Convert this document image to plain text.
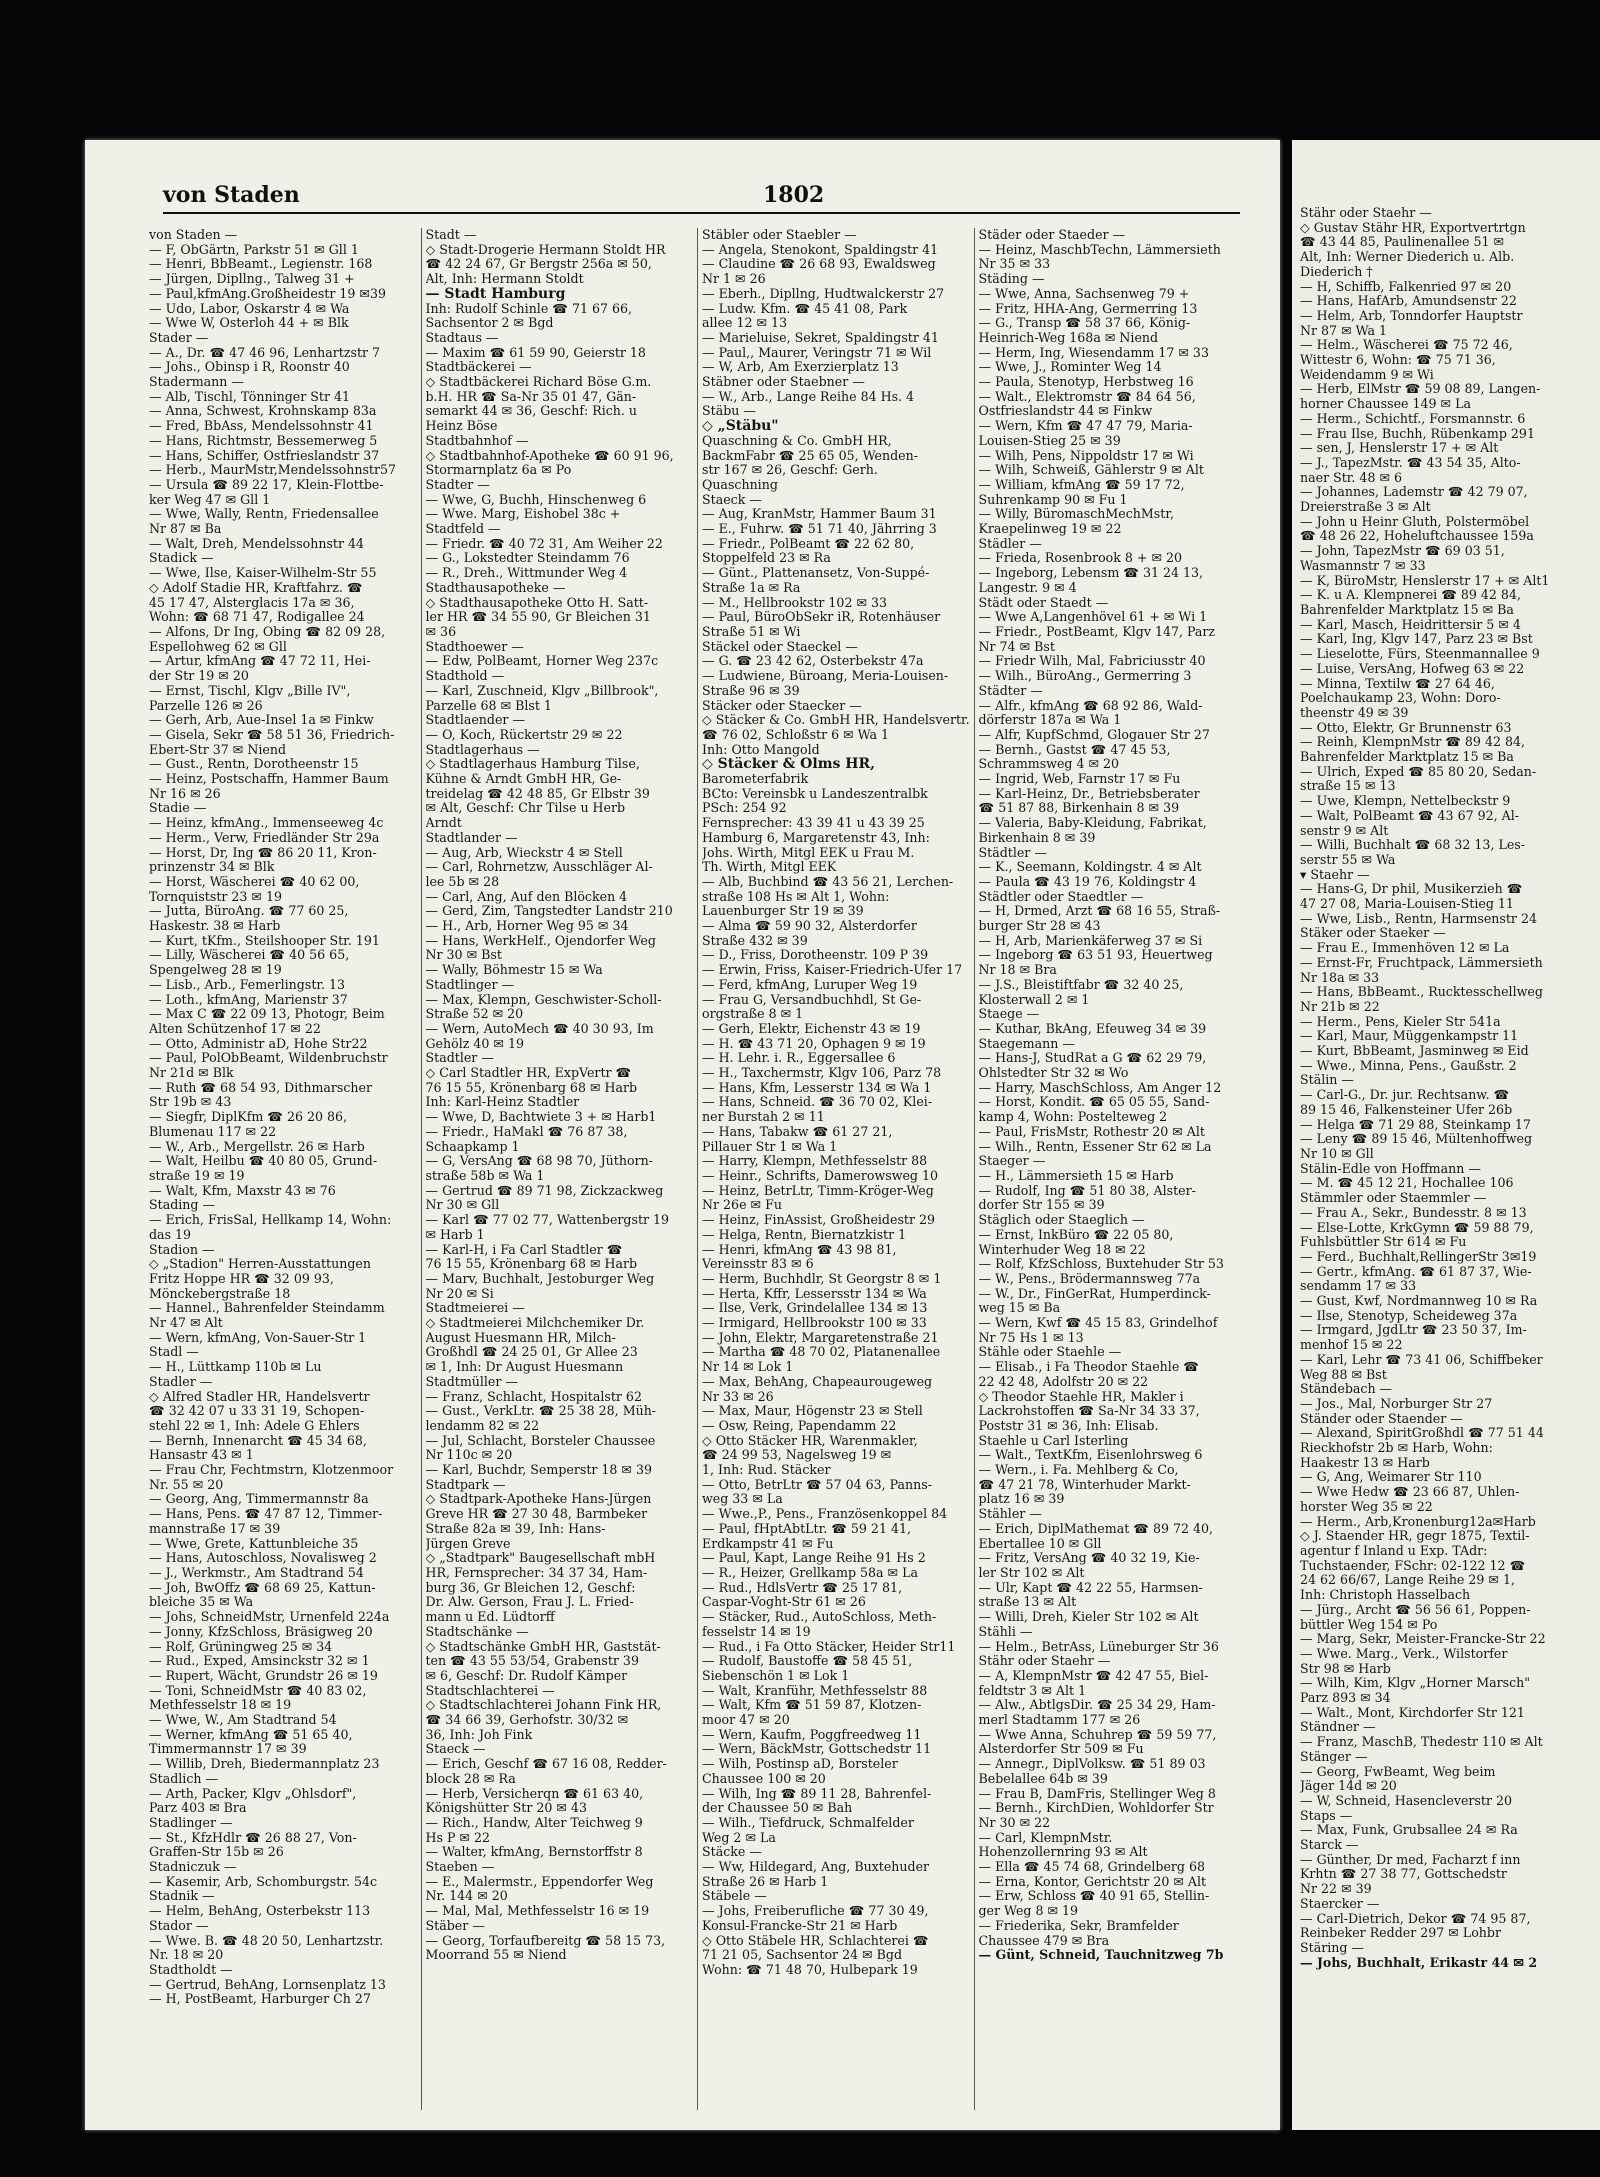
von Staden	1802
von Staden —
— F, ObGärtn, Parkstr 51 ✉ Gll 1
— Henri, BbBeamt., Legienstr. 168
— Jürgen, Dipllng., Talweg 31 +
— Paul,kfmAng.Großheidestr 19 ✉39
— Udo, Labor, Oskarstr 4 ✉ Wa
— Wwe W, Osterloh 44 + ✉ Blk
Stader —
— A., Dr. ☎ 47 46 96, Lenhartzstr 7
— Johs., Obinsp i R, Roonstr 40
Stadermann —
— Alb, Tischl, Tönninger Str 41
— Anna, Schwest, Krohnskamp 83a
— Fred, BbAss, Mendelssohnstr 41
— Hans, Richtmstr, Bessemerweg 5
— Hans, Schiffer, Ostfrieslandstr 37
— Herb., MaurMstr,Mendelssohnstr57
— Ursula ☎ 89 22 17, Klein-Flottbe-
ker Weg 47 ✉ Gll 1
— Wwe, Wally, Rentn, Friedensallee
Nr 87 ✉ Ba
— Walt, Dreh, Mendelssohnstr 44
Stadick —
— Wwe, Ilse, Kaiser-Wilhelm-Str 55
◇ Adolf Stadie HR, Kraftfahrz. ☎
45 17 47, Alsterglacis 17a ✉ 36,
Wohn: ☎ 68 71 47, Rodigallee 24
— Alfons, Dr Ing, Obing ☎ 82 09 28,
Espellohweg 62 ✉ Gll
— Artur, kfmAng ☎ 47 72 11, Hei-
der Str 19 ✉ 20
— Ernst, Tischl, Klgv „Bille IV",
Parzelle 126 ✉ 26
— Gerh, Arb, Aue-Insel 1a ✉ Finkw
— Gisela, Sekr ☎ 58 51 36, Friedrich-
Ebert-Str 37 ✉ Niend
— Gust., Rentn, Dorotheenstr 15
— Heinz, Postschaffn, Hammer Baum
Nr 16 ✉ 26
Stadie —
— Heinz, kfmAng., Immenseeweg 4c
— Herm., Verw, Friedländer Str 29a
— Horst, Dr, Ing ☎ 86 20 11, Kron-
prinzenstr 34 ✉ Blk
— Horst, Wäscherei ☎ 40 62 00,
Tornquiststr 23 ✉ 19
— Jutta, BüroAng. ☎ 77 60 25,
Haskestr. 38 ✉ Harb
— Kurt, tKfm., Steilshooper Str. 191
— Lilly, Wäscherei ☎ 40 56 65,
Spengelweg 28 ✉ 19
— Lisb., Arb., Femerlingstr. 13
— Loth., kfmAng, Marienstr 37
— Max C ☎ 22 09 13, Photogr, Beim
Alten Schützenhof 17 ✉ 22
— Otto, Administr aD, Hohe Str22
— Paul, PolObBeamt, Wildenbruchstr
Nr 21d ✉ Blk
— Ruth ☎ 68 54 93, Dithmarscher
Str 19b ✉ 43
— Siegfr, DiplKfm ☎ 26 20 86,
Blumenau 117 ✉ 22
— W., Arb., Mergellstr. 26 ✉ Harb
— Walt, Heilbu ☎ 40 80 05, Grund-
straße 19 ✉ 19
— Walt, Kfm, Maxstr 43 ✉ 76
Stading —
— Erich, FrisSal, Hellkamp 14, Wohn:
das 19
Stadion —
◇ „Stadion" Herren-Ausstattungen
Fritz Hoppe HR ☎ 32 09 93,
Mönckebergstraße 18
— Hannel., Bahrenfelder Steindamm
Nr 47 ✉ Alt
— Wern, kfmAng, Von-Sauer-Str 1
Stadl —
— H., Lüttkamp 110b ✉ Lu
Stadler —
◇ Alfred Stadler HR, Handelsvertr
☎ 32 42 07 u 33 31 19, Schopen-
stehl 22 ✉ 1, Inh: Adele G Ehlers
— Bernh, Innenarcht ☎ 45 34 68,
Hansastr 43 ✉ 1
— Frau Chr, Fechtmstrn, Klotzenmoor
Nr. 55 ✉ 20
— Georg, Ang, Timmermannstr 8a
— Hans, Pens. ☎ 47 87 12, Timmer-
mannstraße 17 ✉ 39
— Wwe, Grete, Kattunbleiche 35
— Hans, Autoschloss, Novalisweg 2
— J., Werkmstr., Am Stadtrand 54
— Joh, BwOffz ☎ 68 69 25, Kattun-
bleiche 35 ✉ Wa
— Johs, SchneidMstr, Urnenfeld 224a
— Jonny, KfzSchloss, Bräsigweg 20
— Rolf, Grüningweg 25 ✉ 34
— Rud., Exped, Amsinckstr 32 ✉ 1
— Rupert, Wächt, Grundstr 26 ✉ 19
— Toni, SchneidMstr ☎ 40 83 02,
Methfesselstr 18 ✉ 19
— Wwe, W., Am Stadtrand 54
— Werner, kfmAng ☎ 51 65 40,
Timmermannstr 17 ✉ 39
— Willib, Dreh, Biedermannplatz 23
Stadlich —
— Arth, Packer, Klgv „Ohlsdorf",
Parz 403 ✉ Bra
Stadlinger —
— St., KfzHdlr ☎ 26 88 27, Von-
Graffen-Str 15b ✉ 26
Stadniczuk —
— Kasemir, Arb, Schomburgstr. 54c
Stadnik —
— Helm, BehAng, Osterbekstr 113
Stador —
— Wwe. B. ☎ 48 20 50, Lenhartzstr.
Nr. 18 ✉ 20
Stadtholdt —
— Gertrud, BehAng, Lornsenplatz 13
— H, PostBeamt, Harburger Ch 27
Stadt —
◇ Stadt-Drogerie Hermann Stoldt HR
☎ 42 24 67, Gr Bergstr 256a ✉ 50,
Alt, Inh: Hermann Stoldt
— Stadt Hamburg
Inh: Rudolf Schinle ☎ 71 67 66,
Sachsentor 2 ✉ Bgd
Stadtaus —
— Maxim ☎ 61 59 90, Geierstr 18
Stadtbäckerei —
◇ Stadtbäckerei Richard Böse G.m.
b.H. HR ☎ Sa-Nr 35 01 47, Gän-
semarkt 44 ✉ 36, Geschf: Rich. u
Heinz Böse
Stadtbahnhof —
◇ Stadtbahnhof-Apotheke ☎ 60 91 96,
Stormarnplatz 6a ✉ Po
Stadter —
— Wwe, G, Buchh, Hinschenweg 6
— Wwe. Marg, Eishobel 38c +
Stadtfeld —
— Friedr. ☎ 40 72 31, Am Weiher 22
— G., Lokstedter Steindamm 76
— R., Dreh., Wittmunder Weg 4
Stadthausapotheke —
◇ Stadthausapotheke Otto H. Satt-
ler HR ☎ 34 55 90, Gr Bleichen 31
✉ 36
Stadthoewer —
— Edw, PolBeamt, Horner Weg 237c
Stadthold —
— Karl, Zuschneid, Klgv „Billbrook",
Parzelle 68 ✉ Blst 1
Stadtlaender —
— O, Koch, Rückertstr 29 ✉ 22
Stadtlagerhaus —
◇ Stadtlagerhaus Hamburg Tilse,
Kühne & Arndt GmbH HR, Ge-
treidelag ☎ 42 48 85, Gr Elbstr 39
✉ Alt, Geschf: Chr Tilse u Herb
Arndt
Stadtlander —
— Aug, Arb, Wieckstr 4 ✉ Stell
— Carl, Rohrnetzw, Ausschläger Al-
lee 5b ✉ 28
— Carl, Ang, Auf den Blöcken 4
— Gerd, Zim, Tangstedter Landstr 210
— H., Arb, Horner Weg 95 ✉ 34
— Hans, WerkHelf., Ojendorfer Weg
Nr 30 ✉ Bst
— Wally, Böhmestr 15 ✉ Wa
Stadtlinger —
— Max, Klempn, Geschwister-Scholl-
Straße 52 ✉ 20
— Wern, AutoMech ☎ 40 30 93, Im
Gehölz 40 ✉ 19
Stadtler —
◇ Carl Stadtler HR, ExpVertr ☎
76 15 55, Krönenbarg 68 ✉ Harb
Inh: Karl-Heinz Stadtler
— Wwe, D, Bachtwiete 3 + ✉ Harb1
— Friedr., HaMakl ☎ 76 87 38,
Schaapkamp 1
— G, VersAng ☎ 68 98 70, Jüthorn-
straße 58b ✉ Wa 1
— Gertrud ☎ 89 71 98, Zickzackweg
Nr 30 ✉ Gll
— Karl ☎ 77 02 77, Wattenbergstr 19
✉ Harb 1
— Karl-H, i Fa Carl Stadtler ☎
76 15 55, Krönenbarg 68 ✉ Harb
— Marv, Buchhalt, Jestoburger Weg
Nr 20 ✉ Si
Stadtmeierei —
◇ Stadtmeierei Milchchemiker Dr.
August Huesmann HR, Milch-
Großhdl ☎ 24 25 01, Gr Allee 23
✉ 1, Inh: Dr August Huesmann
Stadtmüller —
— Franz, Schlacht, Hospitalstr 62
— Gust., VerkLtr. ☎ 25 38 28, Müh-
lendamm 82 ✉ 22
— Jul, Schlacht, Borsteler Chaussee
Nr 110c ✉ 20
— Karl, Buchdr, Semperstr 18 ✉ 39
Stadtpark —
◇ Stadtpark-Apotheke Hans-Jürgen
Greve HR ☎ 27 30 48, Barmbeker
Straße 82a ✉ 39, Inh: Hans-
Jürgen Greve
◇ „Stadtpark" Baugesellschaft mbH
HR, Fernsprecher: 34 37 34, Ham-
burg 36, Gr Bleichen 12, Geschf:
Dr. Alw. Gerson, Frau J. L. Fried-
mann u Ed. Lüdtorff
Stadtschänke —
◇ Stadtschänke GmbH HR, Gaststät-
ten ☎ 43 55 53/54, Grabenstr 39
✉ 6, Geschf: Dr. Rudolf Kämper
Stadtschlachterei —
◇ Stadtschlachterei Johann Fink HR,
☎ 34 66 39, Gerhofstr. 30/32 ✉
36, Inh: Joh Fink
Staeck —
— Erich, Geschf ☎ 67 16 08, Redder-
block 28 ✉ Ra
— Herb, Versicherqn ☎ 61 63 40,
Königshütter Str 20 ✉ 43
— Rich., Handw, Alter Teichweg 9
Hs P ✉ 22
— Walter, kfmAng, Bernstorffstr 8
Staeben —
— E., Malermstr., Eppendorfer Weg
Nr. 144 ✉ 20
— Mal, Mal, Methfesselstr 16 ✉ 19
Stäber —
— Georg, Torfaufbereitg ☎ 58 15 73,
Moorrand 55 ✉ Niend
Stäbler oder Staebler —
— Angela, Stenokont, Spaldingstr 41
— Claudine ☎ 26 68 93, Ewaldsweg
Nr 1 ✉ 26
— Eberh., Dipllng, Hudtwalckerstr 27
— Ludw. Kfm. ☎ 45 41 08, Park
allee 12 ✉ 13
— Marieluise, Sekret, Spaldingstr 41
— Paul,, Maurer, Veringstr 71 ✉ Wil
— W, Arb, Am Exerzierplatz 13
Stäbner oder Staebner —
— W., Arb., Lange Reihe 84 Hs. 4
Stäbu —
◇ „Stäbu"
Quaschning & Co. GmbH HR,
BackmFabr ☎ 25 65 05, Wenden-
str 167 ✉ 26, Geschf: Gerh.
Quaschning
Staeck —
— Aug, KranMstr, Hammer Baum 31
— E., Fuhrw. ☎ 51 71 40, Jährring 3
— Friedr., PolBeamt ☎ 22 62 80,
Stoppelfeld 23 ✉ Ra
— Günt., Plattenansetz, Von-Suppé-
Straße 1a ✉ Ra
— M., Hellbrookstr 102 ✉ 33
— Paul, BüroObSekr iR, Rotenhäuser
Straße 51 ✉ Wi
Stäckel oder Staeckel —
— G. ☎ 23 42 62, Osterbekstr 47a
— Ludwiene, Büroang, Meria-Louisen-
Straße 96 ✉ 39
Stäcker oder Staecker —
◇ Stäcker & Co. GmbH HR, Handelsvertr.
☎ 76 02, Schloßstr 6 ✉ Wa 1
Inh: Otto Mangold
◇ Stäcker & Olms HR,
Barometerfabrik
BCto: Vereinsbk u Landeszentralbk
PSch: 254 92
Fernsprecher: 43 39 41 u 43 39 25
Hamburg 6, Margaretenstr 43, Inh:
Johs. Wirth, Mitgl EEK u Frau M.
Th. Wirth, Mitgl EEK
— Alb, Buchbind ☎ 43 56 21, Lerchen-
straße 108 Hs ✉ Alt 1, Wohn:
Lauenburger Str 19 ✉ 39
— Alma ☎ 59 90 32, Alsterdorfer
Straße 432 ✉ 39
— D., Friss, Dorotheenstr. 109 P 39
— Erwin, Friss, Kaiser-Friedrich-Ufer 17
— Ferd, kfmAng, Luruper Weg 19
— Frau G, Versandbuchhdl, St Ge-
orgstraße 8 ✉ 1
— Gerh, Elektr, Eichenstr 43 ✉ 19
— H. ☎ 43 71 20, Ophagen 9 ✉ 19
— H. Lehr. i. R., Eggersallee 6
— H., Taxchermstr, Klgv 106, Parz 78
— Hans, Kfm, Lesserstr 134 ✉ Wa 1
— Hans, Schneid. ☎ 36 70 02, Klei-
ner Burstah 2 ✉ 11
— Hans, Tabakw ☎ 61 27 21,
Pillauer Str 1 ✉ Wa 1
— Harry, Klempn, Methfesselstr 88
— Heinr., Schrifts, Damerowsweg 10
— Heinz, BetrLtr, Timm-Kröger-Weg
Nr 26e ✉ Fu
— Heinz, FinAssist, Großheidestr 29
— Helga, Rentn, Biernatzkistr 1
— Henri, kfmAng ☎ 43 98 81,
Vereinsstr 83 ✉ 6
— Herm, Buchhdlr, St Georgstr 8 ✉ 1
— Herta, Kffr, Lessersstr 134 ✉ Wa
— Ilse, Verk, Grindelallee 134 ✉ 13
— Irmigard, Hellbrookstr 100 ✉ 33
— John, Elektr, Margaretenstraße 21
— Martha ☎ 48 70 02, Platanenallee
Nr 14 ✉ Lok 1
— Max, BehAng, Chapeaurougeweg
Nr 33 ✉ 26
— Max, Maur, Högenstr 23 ✉ Stell
— Osw, Reing, Papendamm 22
◇ Otto Stäcker HR, Warenmakler,
☎ 24 99 53, Nagelsweg 19 ✉
1, Inh: Rud. Stäcker
— Otto, BetrLtr ☎ 57 04 63, Panns-
weg 33 ✉ La
— Wwe.,P., Pens., Französenkoppel 84
— Paul, fHptAbtLtr. ☎ 59 21 41,
Erdkampstr 41 ✉ Fu
— Paul, Kapt, Lange Reihe 91 Hs 2
— R., Heizer, Grellkamp 58a ✉ La
— Rud., HdlsVertr ☎ 25 17 81,
Caspar-Voght-Str 61 ✉ 26
— Stäcker, Rud., AutoSchloss, Meth-
fesselstr 14 ✉ 19
— Rud., i Fa Otto Stäcker, Heider Str11
— Rudolf, Baustoffe ☎ 58 45 51,
Siebenschön 1 ✉ Lok 1
— Walt, Kranführ, Methfesselstr 88
— Walt, Kfm ☎ 51 59 87, Klotzen-
moor 47 ✉ 20
— Wern, Kaufm, Poggfreedweg 11
— Wern, BäckMstr, Gottschedstr 11
— Wilh, Postinsp aD, Borsteler
Chaussee 100 ✉ 20
— Wilh, Ing ☎ 89 11 28, Bahrenfel-
der Chaussee 50 ✉ Bah
— Wilh., Tiefdruck, Schmalfelder
Weg 2 ✉ La
Stäcke —
— Ww, Hildegard, Ang, Buxtehuder
Straße 26 ✉ Harb 1
Stäbele —
— Johs, Freiberufliche ☎ 77 30 49,
Konsul-Francke-Str 21 ✉ Harb
◇ Otto Stäbele HR, Schlachterei ☎
71 21 05, Sachsentor 24 ✉ Bgd
Wohn: ☎ 71 48 70, Hulbepark 19
Städer oder Staeder —
— Heinz, MaschbTechn, Lämmersieth
Nr 35 ✉ 33
Städing —
— Wwe, Anna, Sachsenweg 79 +
— Fritz, HHA-Ang, Germerring 13
— G., Transp ☎ 58 37 66, König-
Heinrich-Weg 168a ✉ Niend
— Herm, Ing, Wiesendamm 17 ✉ 33
— Wwe, J., Rominter Weg 14
— Paula, Stenotyp, Herbstweg 16
— Walt., Elektromstr ☎ 84 64 56,
Ostfrieslandstr 44 ✉ Finkw
— Wern, Kfm ☎ 47 47 79, Maria-
Louisen-Stieg 25 ✉ 39
— Wilh, Pens, Nippoldstr 17 ✉ Wi
— Wilh, Schweiß, Gählerstr 9 ✉ Alt
— William, kfmAng ☎ 59 17 72,
Suhrenkamp 90 ✉ Fu 1
— Willy, BüromaschMechMstr,
Kraepelinweg 19 ✉ 22
Städler —
— Frieda, Rosenbrook 8 + ✉ 20
— Ingeborg, Lebensm ☎ 31 24 13,
Langestr. 9 ✉ 4
Städt oder Staedt —
— Wwe A,Langenhövel 61 + ✉ Wi 1
— Friedr., PostBeamt, Klgv 147, Parz
Nr 74 ✉ Bst
— Friedr Wilh, Mal, Fabriciusstr 40
— Wilh., BüroAng., Germerring 3
Städter —
— Alfr., kfmAng ☎ 68 92 86, Wald-
dörferstr 187a ✉ Wa 1
— Alfr, KupfSchmd, Glogauer Str 27
— Bernh., Gastst ☎ 47 45 53,
Schrammsweg 4 ✉ 20
— Ingrid, Web, Farnstr 17 ✉ Fu
— Karl-Heinz, Dr., Betriebsberater
☎ 51 87 88, Birkenhain 8 ✉ 39
— Valeria, Baby-Kleidung, Fabrikat,
Birkenhain 8 ✉ 39
Städtler —
— K., Seemann, Koldingstr. 4 ✉ Alt
— Paula ☎ 43 19 76, Koldingstr 4
Städtler oder Staedtler —
— H, Drmed, Arzt ☎ 68 16 55, Straß-
burger Str 28 ✉ 43
— H, Arb, Marienkäferweg 37 ✉ Si
— Ingeborg ☎ 63 51 93, Heuertweg
Nr 18 ✉ Bra
— J.S., Bleistiftfabr ☎ 32 40 25,
Klosterwall 2 ✉ 1
Staege —
— Kuthar, BkAng, Efeuweg 34 ✉ 39
Staegemann —
— Hans-J, StudRat a G ☎ 62 29 79,
Ohlstedter Str 32 ✉ Wo
— Harry, MaschSchloss, Am Anger 12
— Horst, Kondit. ☎ 65 05 55, Sand-
kamp 4, Wohn: Postelteweg 2
— Paul, FrisMstr, Rothestr 20 ✉ Alt
— Wilh., Rentn, Essener Str 62 ✉ La
Staeger —
— H., Lämmersieth 15 ✉ Harb
— Rudolf, Ing ☎ 51 80 38, Alster-
dorfer Str 155 ✉ 39
Stäglich oder Staeglich —
— Ernst, InkBüro ☎ 22 05 80,
Winterhuder Weg 18 ✉ 22
— Rolf, KfzSchloss, Buxtehuder Str 53
— W., Pens., Brödermannsweg 77a
— W., Dr., FinGerRat, Humperdinck-
weg 15 ✉ Ba
— Wern, Kwf ☎ 45 15 83, Grindelhof
Nr 75 Hs 1 ✉ 13
Stähle oder Staehle —
— Elisab., i Fa Theodor Staehle ☎
22 42 48, Adolfstr 20 ✉ 22
◇ Theodor Staehle HR, Makler i
Lackrohstoffen ☎ Sa-Nr 34 33 37,
Poststr 31 ✉ 36, Inh: Elisab.
Staehle u Carl Isterling
— Walt., TextKfm, Eisenlohrsweg 6
— Wern., i. Fa. Mehlberg & Co,
☎ 47 21 78, Winterhuder Markt-
platz 16 ✉ 39
Stähler —
— Erich, DiplMathemat ☎ 89 72 40,
Ebertallee 10 ✉ Gll
— Fritz, VersAng ☎ 40 32 19, Kie-
ler Str 102 ✉ Alt
— Ulr, Kapt ☎ 42 22 55, Harmsen-
straße 13 ✉ Alt
— Willi, Dreh, Kieler Str 102 ✉ Alt
Stähli —
— Helm., BetrAss, Lüneburger Str 36
Stähr oder Staehr —
— A, KlempnMstr ☎ 42 47 55, Biel-
feldtstr 3 ✉ Alt 1
— Alw., AbtlgsDir. ☎ 25 34 29, Ham-
merl Stadtamm 177 ✉ 26
— Wwe Anna, Schuhrep ☎ 59 59 77,
Alsterdorfer Str 509 ✉ Fu
— Annegr., DiplVolksw. ☎ 51 89 03
Bebelallee 64b ✉ 39
— Frau B, DamFris, Stellinger Weg 8
— Bernh., KirchDien, Wohldorfer Str
Nr 30 ✉ 22
— Carl, KlempnMstr.
Hohenzollernring 93 ✉ Alt
— Ella ☎ 45 74 68, Grindelberg 68
— Erna, Kontor, Gerichtstr 20 ✉ Alt
— Erw, Schloss ☎ 40 91 65, Stellin-
ger Weg 8 ✉ 19
— Friederika, Sekr, Bramfelder
Chaussee 479 ✉ Bra
— Günt, Schneid, Tauchnitzweg 7b
Stähr oder Staehr —
◇ Gustav Stähr HR, Exportvertrtgn
☎ 43 44 85, Paulinenallee 51 ✉
Alt, Inh: Werner Diederich u. Alb.
Diederich †
— H, Schiffb, Falkenried 97 ✉ 20
— Hans, HafArb, Amundsenstr 22
— Helm, Arb, Tonndorfer Hauptstr
Nr 87 ✉ Wa 1
— Helm., Wäscherei ☎ 75 72 46,
Wittestr 6, Wohn: ☎ 75 71 36,
Weidendamm 9 ✉ Wi
— Herb, ElMstr ☎ 59 08 89, Langen-
horner Chaussee 149 ✉ La
— Herm., Schichtf., Forsmannstr. 6
— Frau Ilse, Buchh, Rübenkamp 291
— sen, J, Henslerstr 17 + ✉ Alt
— J., TapezMstr. ☎ 43 54 35, Alto-
naer Str. 48 ✉ 6
— Johannes, Lademstr ☎ 42 79 07,
Dreierstraße 3 ✉ Alt
— John u Heinr Gluth, Polstermöbel
☎ 48 26 22, Hoheluftchaussee 159a
— John, TapezMstr ☎ 69 03 51,
Wasmannstr 7 ✉ 33
— K, BüroMstr, Henslerstr 17 + ✉ Alt1
— K. u A. Klempnerei ☎ 89 42 84,
Bahrenfelder Marktplatz 15 ✉ Ba
— Karl, Masch, Heidrittersir 5 ✉ 4
— Karl, Ing, Klgv 147, Parz 23 ✉ Bst
— Lieselotte, Fürs, Steenmannallee 9
— Luise, VersAng, Hofweg 63 ✉ 22
— Minna, Textilw ☎ 27 64 46,
Poelchaukamp 23, Wohn: Doro-
theenstr 49 ✉ 39
— Otto, Elektr, Gr Brunnenstr 63
— Reinh, KlempnMstr ☎ 89 42 84,
Bahrenfelder Marktplatz 15 ✉ Ba
— Ulrich, Exped ☎ 85 80 20, Sedan-
straße 15 ✉ 13
— Uwe, Klempn, Nettelbeckstr 9
— Walt, PolBeamt ☎ 43 67 92, Al-
senstr 9 ✉ Alt
— Willi, Buchhalt ☎ 68 32 13, Les-
serstr 55 ✉ Wa
▾ Staehr —
— Hans-G, Dr phil, Musikerzieh ☎
47 27 08, Maria-Louisen-Stieg 11
— Wwe, Lisb., Rentn, Harmsenstr 24
Stäker oder Staeker —
— Frau E., Immenhöven 12 ✉ La
— Ernst-Fr, Fruchtpack, Lämmersieth
Nr 18a ✉ 33
— Hans, BbBeamt., Rucktesschellweg
Nr 21b ✉ 22
— Herm., Pens, Kieler Str 541a
— Karl, Maur, Müggenkampstr 11
— Kurt, BbBeamt, Jasminweg ✉ Eid
— Wwe., Minna, Pens., Gaußstr. 2
Stälin —
— Carl-G., Dr. jur. Rechtsanw. ☎
89 15 46, Falkensteiner Ufer 26b
— Helga ☎ 71 29 88, Steinkamp 17
— Leny ☎ 89 15 46, Mültenhoffweg
Nr 10 ✉ Gll
Stälin-Edle von Hoffmann —
— M. ☎ 45 12 21, Hochallee 106
Stämmler oder Staemmler —
— Frau A., Sekr., Bundesstr. 8 ✉ 13
— Else-Lotte, KrkGymn ☎ 59 88 79,
Fuhlsbüttler Str 614 ✉ Fu
— Ferd., Buchhalt,RellingerStr 3✉19
— Gertr., kfmAng. ☎ 61 87 37, Wie-
sendamm 17 ✉ 33
— Gust, Kwf, Nordmannweg 10 ✉ Ra
— Ilse, Stenotyp, Scheideweg 37a
— Irmgard, JgdLtr ☎ 23 50 37, Im-
menhof 15 ✉ 22
— Karl, Lehr ☎ 73 41 06, Schiffbeker
Weg 88 ✉ Bst
Ständebach —
— Jos., Mal, Norburger Str 27
Ständer oder Staender —
— Alexand, SpiritGroßhdl ☎ 77 51 44
Rieckhofstr 2b ✉ Harb, Wohn:
Haakestr 13 ✉ Harb
— G, Ang, Weimarer Str 110
— Wwe Hedw ☎ 23 66 87, Uhlen-
horster Weg 35 ✉ 22
— Herm., Arb,Kronenburg12a✉Harb
◇ J. Staender HR, gegr 1875, Textil-
agentur f Inland u Exp. TAdr:
Tuchstaender, FSchr: 02-122 12 ☎
24 62 66/67, Lange Reihe 29 ✉ 1,
Inh: Christoph Hasselbach
— Jürg., Archt ☎ 56 56 61, Poppen-
büttler Weg 154 ✉ Po
— Marg, Sekr, Meister-Francke-Str 22
— Wwe. Marg., Verk., Wilstorfer
Str 98 ✉ Harb
— Wilh, Kim, Klgv „Horner Marsch"
Parz 893 ✉ 34
— Walt., Mont, Kirchdorfer Str 121
Ständner —
— Franz, MaschB, Thedestr 110 ✉ Alt
Stänger —
— Georg, FwBeamt, Weg beim
Jäger 14d ✉ 20
— W, Schneid, Hasencleverstr 20
Staps —
— Max, Funk, Grubsallee 24 ✉ Ra
Starck —
— Günther, Dr med, Facharzt f inn
Krhtn ☎ 27 38 77, Gottschedstr
Nr 22 ✉ 39
Staercker —
— Carl-Dietrich, Dekor ☎ 74 95 87,
Reinbeker Redder 297 ✉ Lohbr
Stäring —
— Johs, Buchhalt, Erikastr 44 ✉ 2
